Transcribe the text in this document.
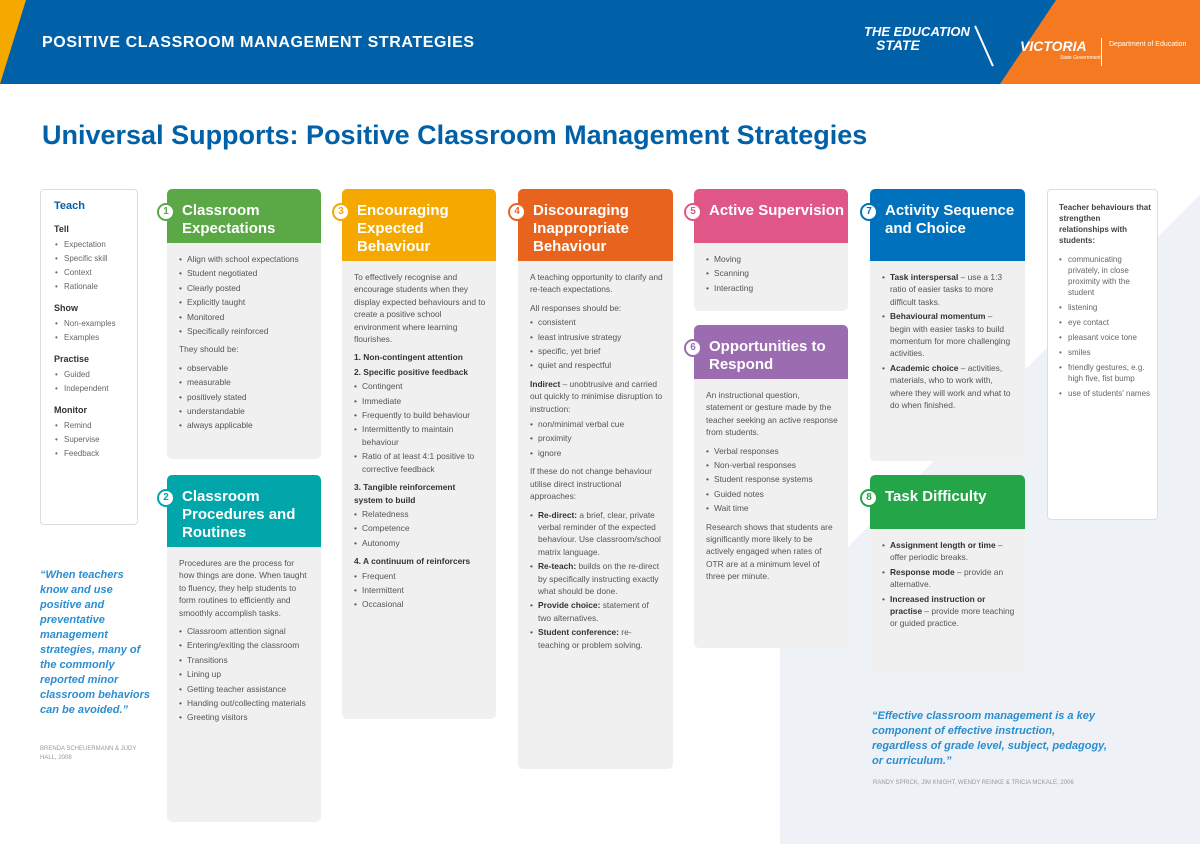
POSITIVE CLASSROOM MANAGEMENT STRATEGIES
THE EDUCATION
STATE	VICTORIA
State Government
Department of Education
Universal Supports: Positive Classroom Management Strategies
Teach
Tell
• Expectation
• Specific skill
• Context
• Rationale
Show
• Non-examples
• Examples
Practise
• Guided
• Independent
Monitor
• Remind
• Supervise
• Feedback
1 Classroom Expectations
• Align with school expectations
• Student negotiated
• Clearly posted
• Explicitly taught
• Monitored
• Specifically reinforced

They should be:

• observable
• measurable
• positively stated
• understandable
• always applicable
2 Classroom Procedures and Routines

Procedures are the process for how things are done. When taught to fluency, they help students to form routines to efficiently and smoothly accomplish tasks.

• Classroom attention signal
• Entering/exiting the classroom
• Transitions
• Lining up
• Getting teacher assistance
• Handing out/collecting materials
• Greeting visitors
3 Encouraging Expected Behaviour

To effectively recognise and encourage students when they display expected behaviours and to create a positive school environment where learning flourishes.

1. Non-contingent attention

2. Specific positive feedback

• Contingent
• Immediate
• Frequently to build behaviour
• Intermittently to maintain behaviour
• Ratio of at least 4:1 positive to corrective feedback

3. Tangible reinforcement system to build

• Relatedness
• Competence
• Autonomy

4. A continuum of reinforcers

• Frequent
• Intermittent
• Occasional
4 Discouraging Inappropriate Behaviour

A teaching opportunity to clarify and re-teach expectations.

All responses should be:

• consistent
• least intrusive strategy
• specific, yet brief
• quiet and respectful

Indirect – unobtrusive and carried out quickly to minimise disruption to instruction:

• non/minimal verbal cue
• proximity
• ignore

If these do not change behaviour utilise direct instructional approaches:

• Re-direct: a brief, clear, private verbal reminder of the expected behaviour. Use classroom/school matrix language.
• Re-teach: builds on the re-direct by specifically instructing exactly what should be done.
• Provide choice: statement of two alternatives.
• Student conference: re-teaching or problem solving.
5 Active Supervision
• Moving
• Scanning
• Interacting
6 Opportunities to Respond

An instructional question, statement or gesture made by the teacher seeking an active response from students.

• Verbal responses
• Non-verbal responses
• Student response systems
• Guided notes
• Wait time

Research shows that students are significantly more likely to be actively engaged when rates of OTR are at a minimum level of three per minute.

7 Activity Sequence and Choice
• Task interspersal – use a 1:3 ratio of easier tasks to more difficult tasks.
• Behavioural momentum – begin with easier tasks to build momentum for more challenging activities.
• Academic choice – activities, materials, who to work with, where they will work and what to do when finished.
8 Task Difficulty
• Assignment length or time – offer periodic breaks.
• Response mode – provide an alternative.
• Increased instruction or practise – provide more teaching or guided practice.
Teacher behaviours that strengthen relationships with students:
• communicating privately, in close proximity with the student
• listening
• eye contact
• pleasant voice tone
• smiles
• friendly gestures, e.g. high five, fist bump
• use of students' names
“When teachers know and use positive and preventative management strategies, many of the commonly reported minor classroom behaviors can be avoided.”
BRENDA SCHEUERMANN & JUDY HALL, 2008
“Effective classroom management is a key component of effective instruction, regardless of grade level, subject, pedagogy, or curriculum.”
RANDY SPRICK, JIM KNIGHT, WENDY REINKE & TRICIA MCKALE, 2006
